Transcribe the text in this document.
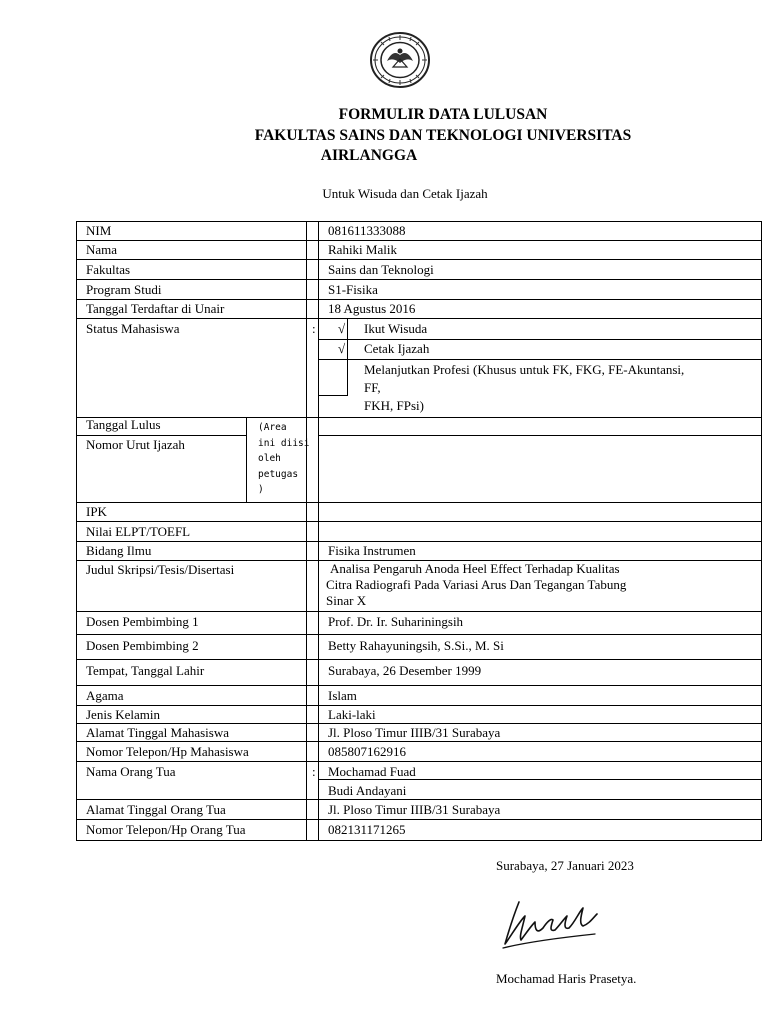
FORMULIR DATA LULUSAN
FAKULTAS SAINS DAN TEKNOLOGI UNIVERSITAS
AIRLANGGA
Untuk Wisuda dan Cetak Ijazah
NIM
Nama
Fakultas
Program Studi
Tanggal Terdaftar di Unair
Status Mahasiswa
Tanggal Lulus
Nomor Urut Ijazah
IPK
Nilai ELPT/TOEFL
Bidang Ilmu
Judul Skripsi/Tesis/Disertasi
Dosen Pembimbing 1
Dosen Pembimbing 2
Tempat, Tanggal Lahir
Agama
Jenis Kelamin
Alamat Tinggal Mahasiswa
Nomor Telepon/Hp Mahasiswa
Nama Orang Tua
Alamat Tinggal Orang Tua
Nomor Telepon/Hp Orang Tua
(Area
ini diisi
oleh
petugas
)
081611333088
Rahiki Malik
Sains dan Teknologi
S1-Fisika
18 Agustus 2016
: √ Ikut Wisuda
√ Cetak Ijazah
Melanjutkan Profesi (Khusus untuk FK, FKG, FE-Akuntansi,
FF,
FKH, FPsi)
Fisika Instrumen
Analisa Pengaruh Anoda Heel Effect Terhadap Kualitas
Citra Radiografi Pada Variasi Arus Dan Tegangan Tabung
Sinar X
Prof. Dr. Ir. Suhariningsih
Betty Rahayuningsih, S.Si., M. Si
Surabaya, 26 Desember 1999
Islam
Laki-laki
Jl. Ploso Timur IIIB/31 Surabaya
085807162916
: Mochamad Fuad
Budi Andayani
Jl. Ploso Timur IIIB/31 Surabaya
082131171265
Surabaya, 27 Januari 2023
Mochamad Haris Prasetya.
